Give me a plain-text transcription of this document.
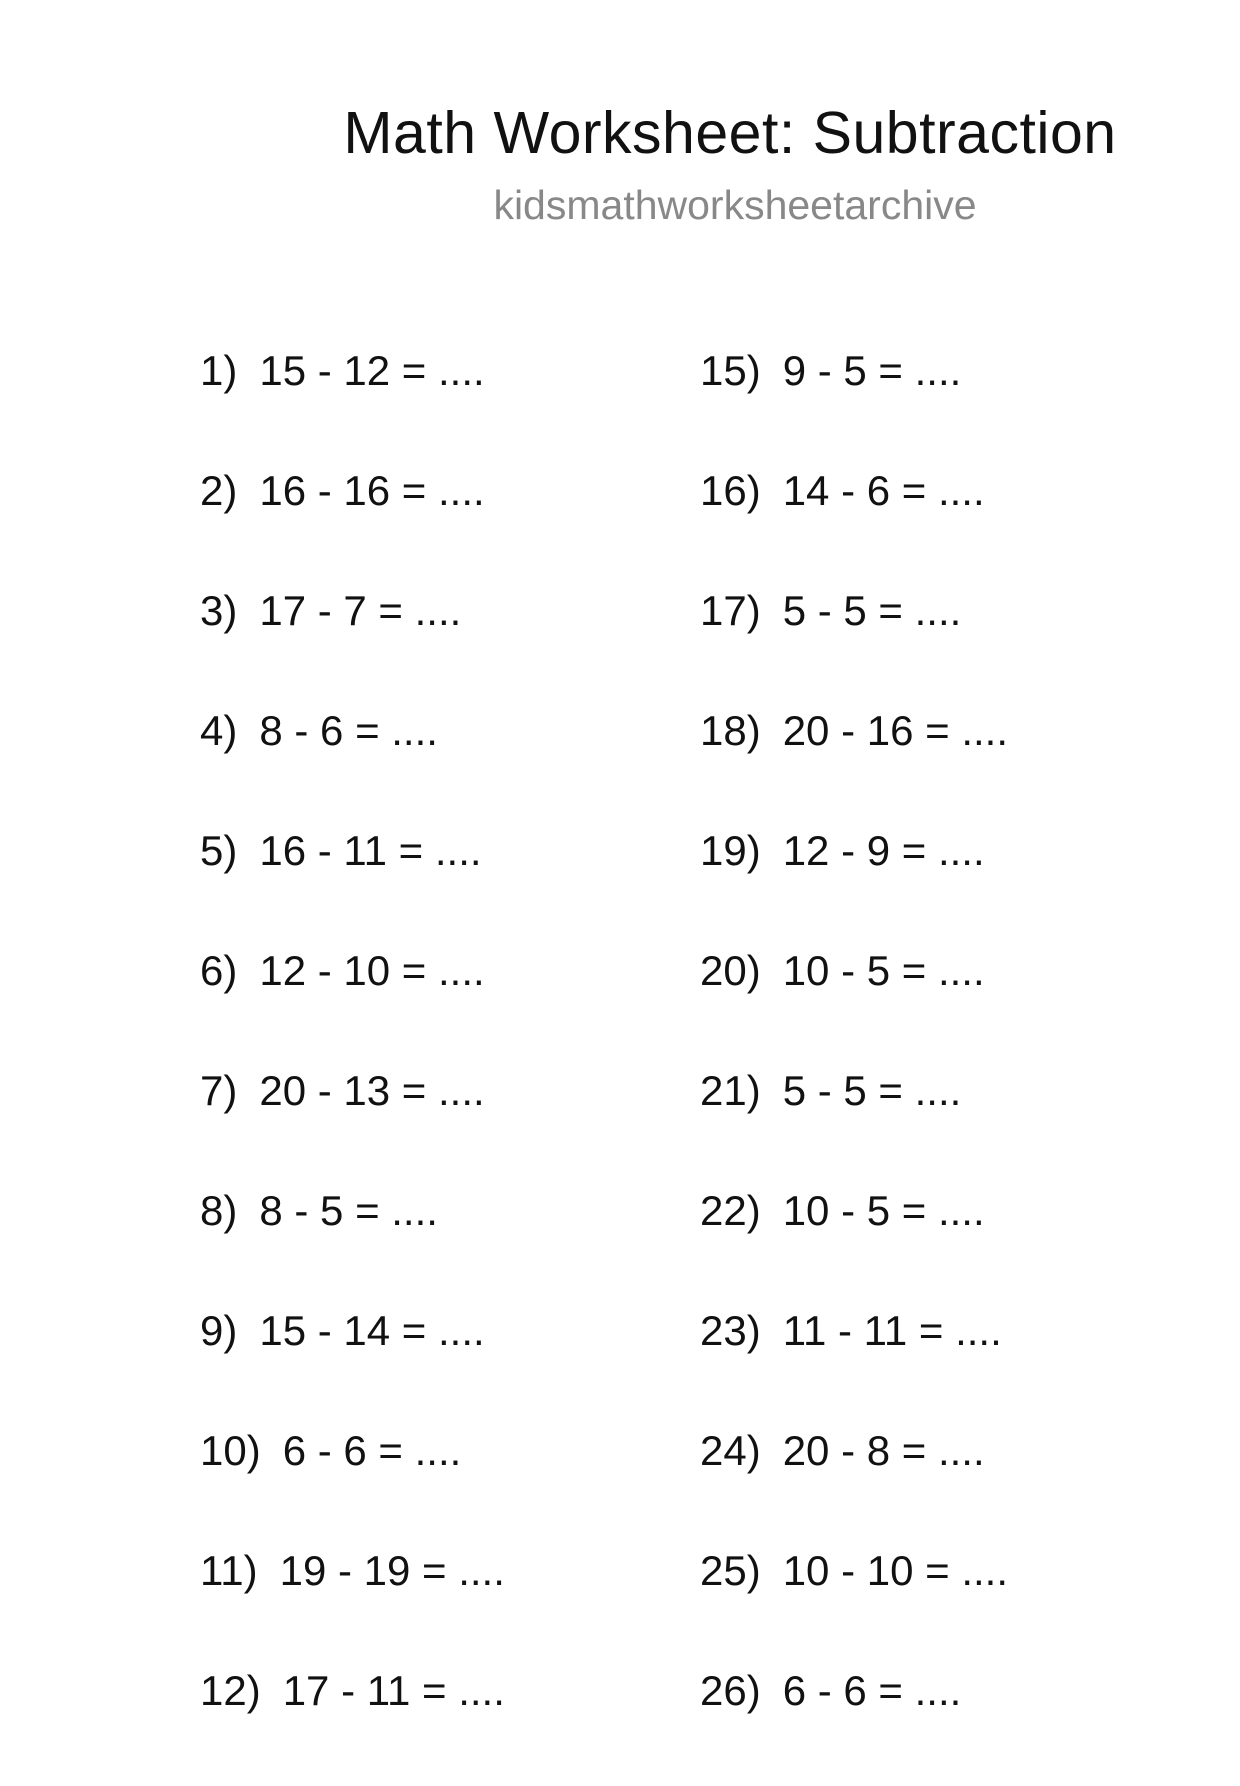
Math Worksheet: Subtraction
kidsmathworksheetarchive
1) 15 - 12 = ....
2) 16 - 16 = ....
3) 17 - 7 = ....
4) 8 - 6 = ....
5) 16 - 11 = ....
6) 12 - 10 = ....
7) 20 - 13 = ....
8) 8 - 5 = ....
9) 15 - 14 = ....
10) 6 - 6 = ....
11) 19 - 19 = ....
12) 17 - 11 = ....
15) 9 - 5 = ....
16) 14 - 6 = ....
17) 5 - 5 = ....
18) 20 - 16 = ....
19) 12 - 9 = ....
20) 10 - 5 = ....
21) 5 - 5 = ....
22) 10 - 5 = ....
23) 11 - 11 = ....
24) 20 - 8 = ....
25) 10 - 10 = ....
26) 6 - 6 = ....
